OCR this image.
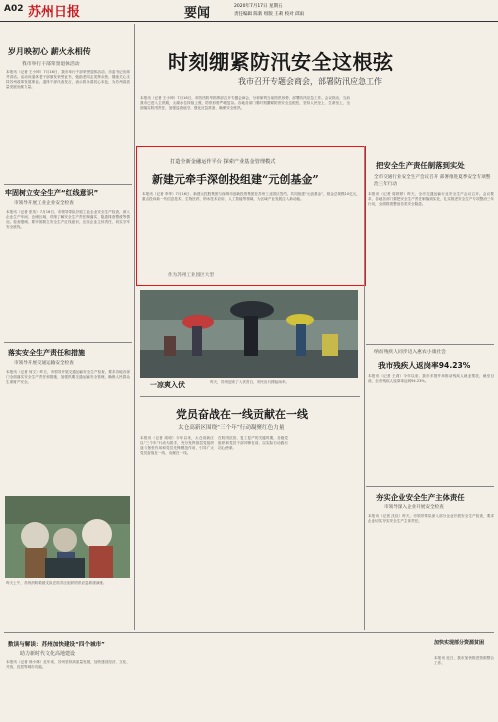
A02 苏州日报	要闻	2020年7月17日 星期五
责任编辑 陈新 组版 王莉 校对 邱雨
岁月映初心 薪火永相传
我市举行干部荣誉退休活动
本报讯（记者 王小坤）7月16日，我市举行干部荣誉退休活动，市委书记出席并讲话。活动向退休老干部颁发荣誉证书，勉励老同志发挥余热，继续关心支持苏州改革发展事业。退休干部代表发言，表示将永葆初心本色，为苏州高质量发展贡献力量。
牢固树立安全生产“红线意识”
市领导开展工业企业安全检查
本报讯（记者 张英）7月16日，市领导带队开展工业企业安全生产检查，深入企业生产车间、仓储区域，详细了解安全生产责任制落实、隐患排查整改等情况。检查强调，要牢固树立安全生产红线意识，压实企业主体责任，切实守牢安全底线。
落实安全生产责任和措施
市领导开展交通运输安全检查
本报讯（记者 何文）昨日，市领导开展交通运输安全生产检查，要求各地各部门全面落实安全生产责任和措施，加强汛期交通运输安全管理，确保人民群众生命财产安全。
昨天上午，苏州消防救援支队在姑苏区组织防汛应急救援演练。
时刻绷紧防汛安全这根弦
我市召开专题会商会，部署防汛应急工作
本报讯（记者 王小坤）7月16日，市防汛防旱指挥部召开专题会商会，分析研判当前防汛形势，部署防汛应急工作。会议指出，当前我市已进入主汛期，太湖水位持续上涨，防汛形势严峻复杂。各地各部门要时刻绷紧防汛安全这根弦，坚持人民至上、生命至上，全面落实防汛责任，加强巡查值守，强化应急准备，确保安全度汛。
打造全新金融运作平台 探索产业基金管理模式
新建元牵手深创投组建“元创基金”
本报讯（记者 李华）7月16日，新建元控股集团与深圳市创新投资集团在苏州工业园区签约，共同组建“元创基金”，基金总规模10亿元，重点投向新一代信息技术、生物医药、纳米技术应用、人工智能等领域，为区域产业发展注入新动能。
作为苏州工业园区大型
一凉爽入伏	昨天，苏州迎来了入伏首日，市民出行撑起雨伞。
党员奋战在一线贡献在一线
太仓高新区围绕“三个年”行动凝聚红色力量
本报讯（记者 周明）今年以来，太仓高新区以“三个年”行动为抓手，充分发挥基层党组织战斗堡垒作用和党员先锋模范作用，引导广大党员奋战在一线、贡献在一线。
在防汛抗疫、复工复产的关键时期，各级党组织和党员干部冲锋在前，以实际行动践行初心使命。
把安全生产责任制落到实处
全市交通行业安全生产会议召开 部署推进夏季安全专项整治三年行动
本报讯（记者 周婷婷）昨天，全市交通运输行业安全生产会议召开。会议要求，各地各部门要把安全生产责任制落到实处，扎实推进安全生产专项整治三年行动，全面排查整治各类安全隐患。
纳贫残疾人同步迈入惠农小康社会
我市残疾人返岗率94.23%
本报讯（记者 王莉）今年以来，我市多措并举推动残疾人就业帮扶，截至目前，全市残疾人返岗率达到94.23%。
夯实企业安全生产主体责任
市领导深入企业开展安全检查
本报讯（记者 沈佳）昨天，市领导带队深入部分企业开展安全生产检查，要求企业切实夯实安全生产主体责任。
数读与解读：苏州加快建设“四个城市”
助力新时代文化高地建设
本报讯（记者 徐小林）近年来，苏州坚持高质量发展，加快建设经济、文化、开放、宜居等城市功能。
加快实现部分资源贫困
本报讯 近日，我市加快推进资源整合工作。
